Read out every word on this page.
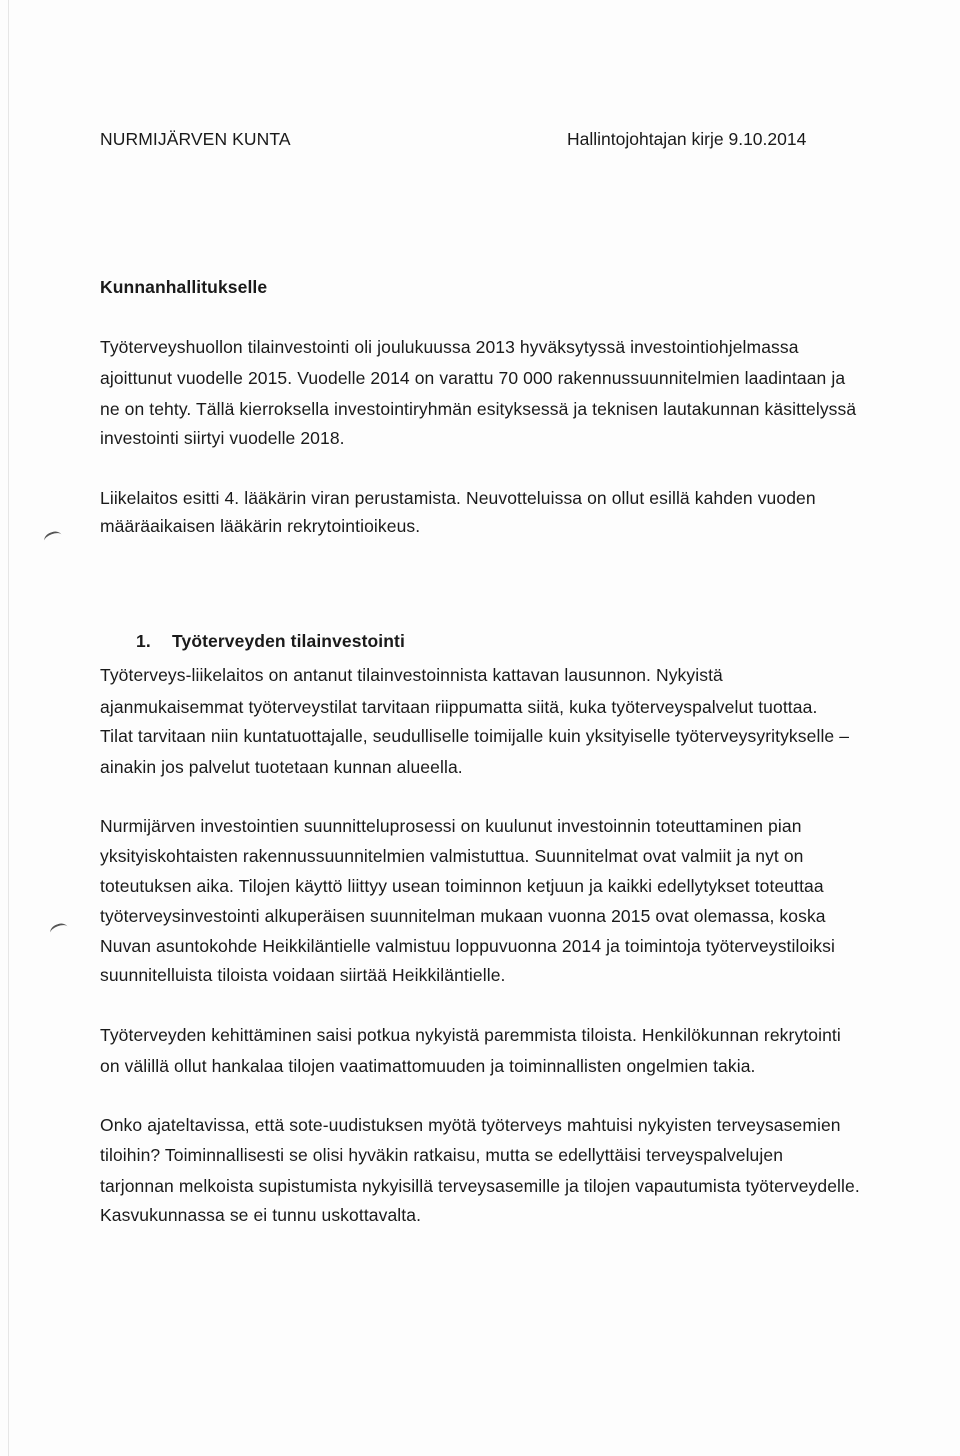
NURMIJÄRVEN KUNTA	Hallintojohtajan kirje 9.10.2014
Kunnanhallitukselle
Työterveyshuollon tilainvestointi oli joulukuussa 2013 hyväksytyssä investointiohjelmassa
ajoittunut vuodelle 2015. Vuodelle 2014 on varattu 70 000 rakennussuunnitelmien laadintaan ja
ne on tehty. Tällä kierroksella investointiryhmän esityksessä ja teknisen lautakunnan käsittelyssä
investointi siirtyi vuodelle 2018.
Liikelaitos esitti 4. lääkärin viran perustamista. Neuvotteluissa on ollut esillä kahden vuoden
määräaikaisen lääkärin rekrytointioikeus.
1. Työterveyden tilainvestointi
Työterveys-liikelaitos on antanut tilainvestoinnista kattavan lausunnon. Nykyistä
ajanmukaisemmat työterveystilat tarvitaan riippumatta siitä, kuka työterveyspalvelut tuottaa.
Tilat tarvitaan niin kuntatuottajalle, seudulliselle toimijalle kuin yksityiselle työterveysyritykselle –
ainakin jos palvelut tuotetaan kunnan alueella.
Nurmijärven investointien suunnitteluprosessi on kuulunut investoinnin toteuttaminen pian
yksityiskohtaisten rakennussuunnitelmien valmistuttua. Suunnitelmat ovat valmiit ja nyt on
toteutuksen aika. Tilojen käyttö liittyy usean toiminnon ketjuun ja kaikki edellytykset toteuttaa
työterveysinvestointi alkuperäisen suunnitelman mukaan vuonna 2015 ovat olemassa, koska
Nuvan asuntokohde Heikkiläntielle valmistuu loppuvuonna 2014 ja toimintoja työterveystiloiksi
suunnitelluista tiloista voidaan siirtää Heikkiläntielle.
Työterveyden kehittäminen saisi potkua nykyistä paremmista tiloista. Henkilökunnan rekrytointi
on välillä ollut hankalaa tilojen vaatimattomuuden ja toiminnallisten ongelmien takia.
Onko ajateltavissa, että sote-uudistuksen myötä työterveys mahtuisi nykyisten terveysasemien
tiloihin? Toiminnallisesti se olisi hyväkin ratkaisu, mutta se edellyttäisi terveyspalvelujen
tarjonnan melkoista supistumista nykyisillä terveysasemille ja tilojen vapautumista työterveydelle.
Kasvukunnassa se ei tunnu uskottavalta.
